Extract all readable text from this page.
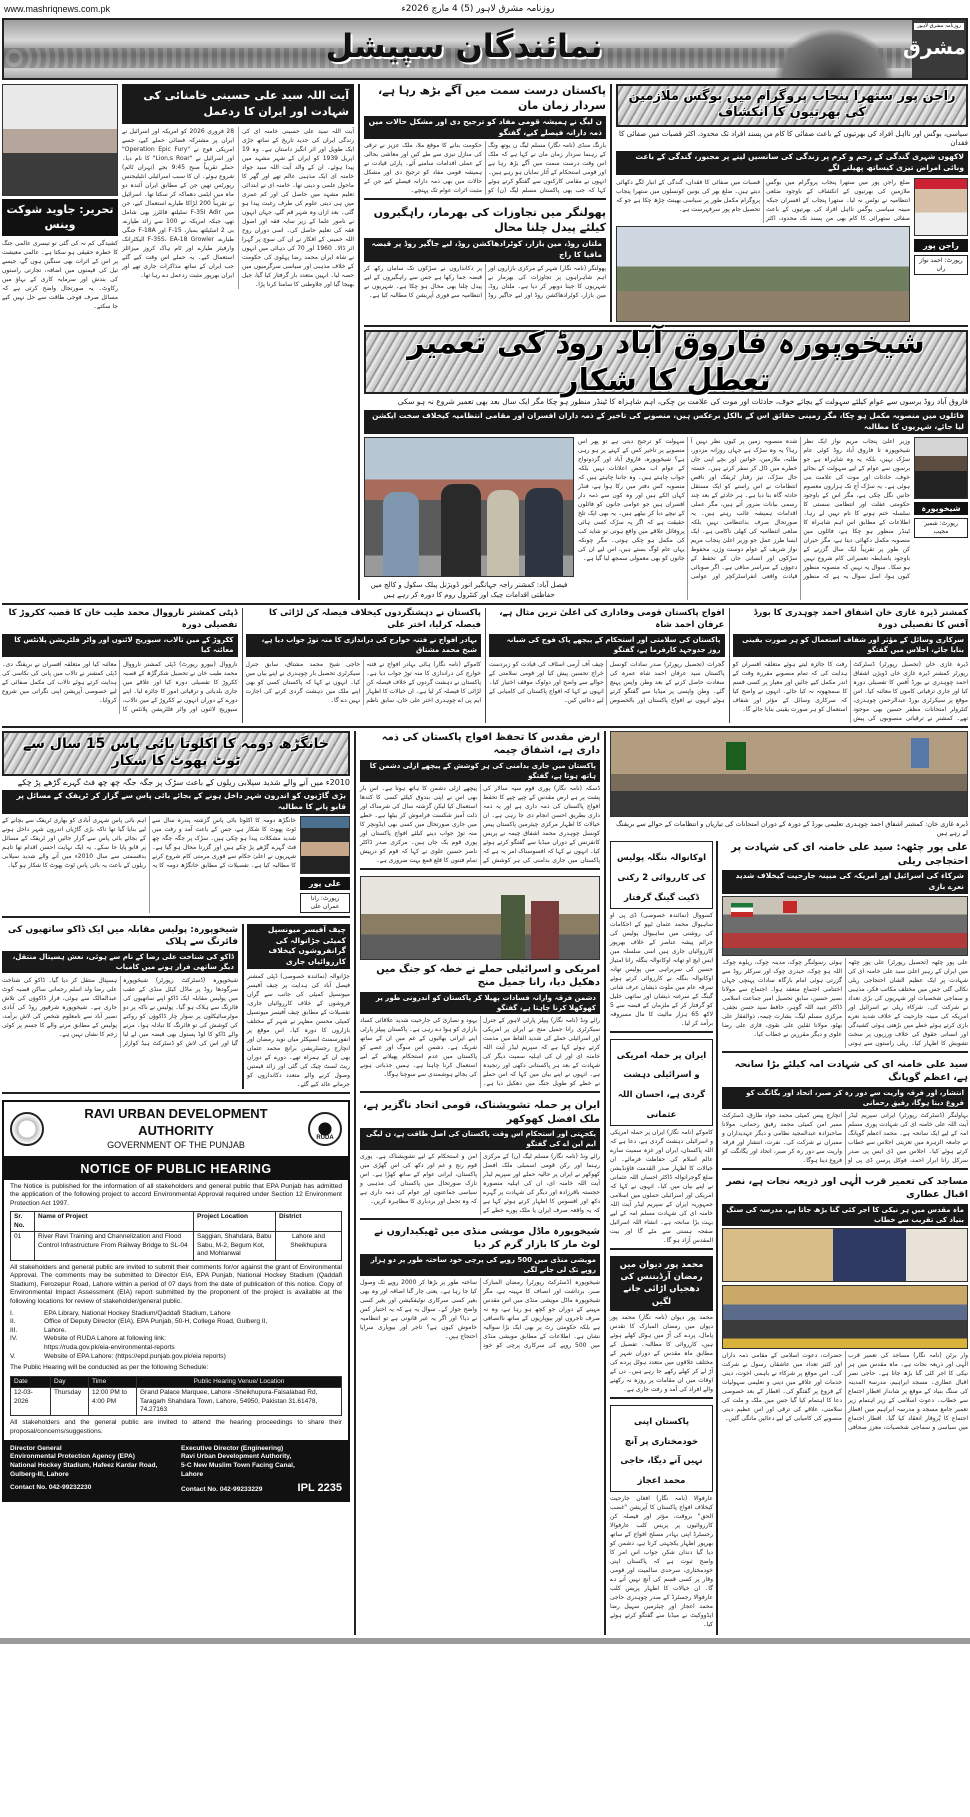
www.mashriqnews.com.pk	روزنامہ مشرق لاہور (5) 4 مارچ 2026ء
روزنامہ مشرق لاہور
مشرق
نمائندگان سپیشل
تحریر: جاوید شوکت وینس
کشیدگی کم نہ کی گئی تو تیسری عالمی جنگ کا خطرہ حقیقی ہو سکتا ہے۔ عالمی معیشت پر اس کے اثرات بھی سنگین ہوں گے، جیسے تیل کی قیمتوں میں اضافہ، تجارتی راستوں کی بندش اور سرمایہ کاری کے بہاؤ میں رکاوٹ۔ یہ صورتحال واضح کرتی ہے کہ مسائل صرف فوجی طاقت سے حل نہیں کیے جا سکتے۔
آیت اللہ سید علی حسینی خامنائی کی شہادت اور ایران کا ردعمل
28 فروری 2026 کو امریکہ اور اسرائیل نے ایران پر مشترکہ فضائی حملے کیے، جسے امریکی فوج نے "Operation Epic Fury" اور اسرائیل نے "Lion,s Roar" کا نام دیا۔ حملے تقریباً صبح 9:45 بجے (تہران ٹائم) شروع ہوئے۔ ان کا سبب اسرائیلی انٹیلیجنس رپورٹس تھیں جن کے مطابق ایران آئندہ دو ماہ میں ایٹمی دھماکہ کر سکتا تھا۔ اسرائیل نے تقریباً 200 لڑاکا طیارے استعمال کیے، جن میں F-35I Adir سٹیلتھ فائٹرز بھی شامل تھے، جبکہ امریکہ نے 100 سے زائد طیارے، بی 2 اسٹیلتھ بمبار، F-15 اور F-18A جنگی طیارے، F-35S، EA-18 Growler الیکٹرانک وارفیئر طیارے اور ٹام ہاک کروز میزائلز استعمال کیے۔ یہ حملے اس وقت کیے گئے جب ایران کے ساتھ مذاکرات جاری تھے اور ایران بھرپور مثبت ردعمل دے رہا تھا۔
آیت اللہ سید علی حسینی خامنہ ای کی زندگی ایران کی جدید تاریخ کے ساتھ جڑی ایک طویل اور اثر انگیز داستان ہے۔ وہ 19 اپریل 1939 کو ایران کے شہر مشہد میں پیدا ہوئے۔ ان کے والد آیت اللہ سید جواد خامنہ ای ایک مذہبی عالم تھے اور گھر کا ماحول علمی و دینی تھا۔ خامنہ ای نے ابتدائی تعلیم مشہد میں حاصل کی اور کم عمری میں ہی دینی علوم کی طرف رغبت پیدا ہو گئی۔ بعد ازاں وہ شہر قم گئے، جہاں انہوں نے نامور علما کے زیر سایہ فقہ اور اصول فقہ کی تعلیم حاصل کی۔ اسی دوران روح اللہ خمینی کے افکار نے ان کی سوچ پر گہرا اثر ڈالا۔ 1960 اور 70 کی دہائی میں انہوں نے شاہ ایران محمد رضا پہلوی کی حکومت کے خلاف مذہبی اور سیاسی سرگرمیوں میں حصہ لیا۔ انہیں متعدد بار گرفتار کیا گیا، جیل بھیجا گیا اور جلاوطنی کا سامنا کرنا پڑا۔
پاکستان درست سمت میں آگے بڑھ رہا ہے، سردار زمان مان
ن لیگ نے ہمیشہ قومی مفاد کو ترجیح دی اور مشکل حالات میں ذمہ دارانہ فیصلے کیے، گفتگو
بارنگ منڈی (نامہ نگار) مسلم لیگ ن یوتھ ونگ کے رہنما سردار زمان مان نے کہا ہے کہ ملک اس وقت درست سمت میں آگے بڑھ رہا ہے اور قومی استحکام کے آثار نمایاں ہو رہے ہیں۔ انہوں نے مقامی کارکنوں سے گفتگو کرتے ہوئے کہا کہ جب بھی پاکستان مسلم لیگ (ن) کو حکومت بنانے کا موقع ملا، ملک عزیز نے ترقی کی منازل تیزی سے طے کیں اور معاشی بحالی کے عملی اقدامات سامنے آئے۔ پارٹی قیادت نے ہمیشہ قومی مفاد کو ترجیح دی اور مشکل حالات میں بھی ذمہ دارانہ فیصلے کیے جن کے مثبت اثرات عوام تک پہنچے۔
پھولنگر میں تجاوزات کی بھرمار، راہگیروں کیلئے پیدل چلنا محال
ملتان روڈ، مین بازار، کوٹرادھاکشن روڈ، لبے جاگیر روڈ پر قبضہ مافیا کا راج
پھولنگر (نامہ نگار) شہر کے مرکزی بازاروں اور اہم شاہراہوں پر تجاوزات کی بھرمار نے شہریوں کا جینا دوبھر کر دیا ہے۔ ملتان روڈ، مین بازار، کوٹرادھاکشن روڈ اور لبے جاگیر روڈ پر دکانداروں نے سڑکوں تک سامان رکھ کر قبضہ جما رکھا ہے جس سے راہگیروں کے لیے پیدل چلنا بھی محال ہو چکا ہے۔ شہریوں نے انتظامیہ سے فوری آپریشن کا مطالبہ کیا ہے۔
راجن پور ستھرا پنجاب پروگرام میں بوگس ملازمین کی بھرتیوں کا انکشاف
سیاسی، بوگس اور نااہل افراد کی بھرتیوں کے باعث صفائی کا کام من پسند افراد تک محدود، اکثر قصبات میں صفائی کا فقدان
لاکھوں شہری گندگی کے رحم و کرم پر زندگی کی سانسیں لینے پر مجبور، گندگی کے باعث وبائی امراض تیزی کیساتھ پھیلنے لگے
ضلع راجن پور میں ستھرا پنجاب پروگرام میں بوگس ملازمین کی بھرتیوں کے انکشاف کے باوجود ضلعی انتظامیہ نے نوٹس نہ لیا۔ ستھرا پنجاب کے افسران جبکہ مبینہ سیاسی بوگس نااہل افراد کی بھرتیوں کے باعث صفائی ستھرائی کا کام بھی من پسند تک محدود، اکثر قصبات میں صفائی کا فقدان، گندگی کے انبار لگے دکھائی دیتے ہیں۔ ضلع بھر کی یونین کونسلوں میں ستھرا پنجاب پروگرام مکمل طور پر سیاسی بھینٹ چڑھ چکا ہے جو کہ تحصیل جام پور سرفہرست ہے۔
راجن پور
رپورٹ: احمد نواز راں
شیخوپورہ فاروق آباد روڈ کی تعمیر تعطل کا شکار
فاروق آباد روڈ برسوں سے عوام کیلئے سہولت کے بجائے خوف، حادثات اور موت کی علامت بن چکی، اہم شاہراہ کا ٹینڈر منظور ہو چکا مگر ایک سال بعد بھی تعمیر شروع نہ ہو سکی
فائلوں میں منصوبہ مکمل ہو چکا، مگر زمینی حقائق اس کے بالکل برعکس ہیں، منصوبے کی تاخیر کے ذمہ داران افسران اور مقامی انتظامیہ کیخلاف سخت ایکشن لیا جائے، شہریوں کا مطالبہ
فیصل آباد: کمشنر راجہ جہانگیر انور ڈویژنل پبلک سکول و کالج میں حفاظتی اقدامات چیک اور کنٹرول روم کا دورہ کر رہے ہیں
وزیر اعلیٰ پنجاب مریم نواز ایک نظر شیخوپورہ تا فاروق آباد روڈ کوئی عام سڑک نہیں، بلکہ یہ وہ شاہراہ ہے جو برسوں سے عوام کے لیے سہولت کے بجائے خوف، حادثات اور موت کی علامت بنی ہوئی ہے۔ یہ سڑک آج تک ہزاروں معصوم جانیں نگل چکی ہے، مگر اس کے باوجود حکومتی غفلت اور انتظامی سستی کا سلسلہ ختم ہونے کا نام نہیں لے رہا۔ اطلاعات کے مطابق اس اہم شاہراہ کا ٹینڈر منظور ہو چکا ہے، فائلوں میں منصوبہ مکمل دکھائی دیتا ہے، مگر حیران کن طور پر تقریباً ایک سال گزرنے کے باوجود باضابطہ تعمیراتی کام شروع نہیں ہو سکا۔ سوال یہ نہیں کہ منصوبہ منظور کیوں ہوا، اصل سوال یہ ہے کہ منظور شدہ منصوبہ زمین پر کیوں نظر نہیں آ رہا؟ یہ وہ سڑک ہے جہاں روزانہ مزدور، طلبہ، ملازمین، خواتین اور بچے اپنی جان خطرے میں ڈال کر سفر کرتے ہیں۔ خستہ حال سڑک، تیز رفتار ٹریفک اور ناقص انتظامات نے اس راستے کو ایک مستقل حادثہ گاہ بنا دیا ہے۔ ہر حادثے کے بعد چند رسمی بیانات ضرور آتے ہیں، مگر عملی اقدامات ہمیشہ غائب رہتے ہیں۔ یہ صورتحال صرف بدانتظامی نہیں بلکہ ضلعی انتظامیہ کی کھلی ناکامی ہے۔ ایک ایسا طرز عمل جو وزیر اعلیٰ پنجاب مریم نواز شریف کے عوام دوست وژن، محفوظ سڑکوں اور انسانی جان کے تحفظ کے دعوؤں کے سراسر منافی ہے۔ اگر صوبائی قیادت واقعی انفراسٹرکچر اور عوامی سہولت کو ترجیح دیتی ہے تو پھر اس منصوبے پر تاخیر کس کے کہنے پر ہو رہی ہے؟ شیخوپورہ، فاروق آباد اور گردونواح کے عوام اب محض اعلانات نہیں بلکہ جواب چاہتے ہیں۔ وہ جاننا چاہتے ہیں کہ منصوبہ کس دفتر میں رکا ہوا ہے، فنڈز کہاں اٹکے ہیں اور وہ کون سے ذمہ دار افسران ہیں جو عوامی جانوں کو فائلوں کے نیچے دبا کر بیٹھے ہیں۔ یہ بھی ایک تلخ حقیقت ہے کہ اگر یہ سڑک کسی ہائی پروفائل علاقے میں واقع ہوتی تو شاید کب کی مکمل ہو چکی ہوتی۔ مگر چونکہ یہاں عام لوگ بستے ہیں، اس لیے ان کی جانوں کو بھی معمولی سمجھ لیا گیا ہے۔
شیخوپورہ
رپورٹ: شمیر مجیب
کمشنر ڈیرہ غازی خان اشفاق احمد چوہدری کا بورڈ آفس کا تفصیلی دورہ
سرکاری وسائل کے مؤثر اور شفاف استعمال کو ہر صورت یقینی بنایا جائے، اجلاس میں گفتگو
ڈیرہ غازی خان (تحصیل رپورٹر) ڈسٹرکٹ رپورٹر کمشنر ڈیرہ غازی خان ڈویژن اشفاق احمد چوہدری نے بورڈ آفس کا تفصیلی دورہ کیا اور جاری ترقیاتی کاموں کا معائنہ کیا۔ اس موقع پر سیکرٹری بورڈ عبدالرحمن چوہدری، کنٹرولر امتحانات مظفر حسین بھی موجود تھے۔ کمشنر نے ترقیاتی منصوبوں کی پیش رفت کا جائزہ لیتے ہوئے متعلقہ افسران کو ہدایت کی کہ تمام منصوبے مقررہ وقت کے اندر مکمل کیے جائیں اور معیار پر کسی قسم کا سمجھوتہ نہ کیا جائے۔ انہوں نے واضح کیا کہ سرکاری وسائل کے مؤثر اور شفاف استعمال کو ہر صورت یقینی بنایا جائے گا۔
افواج پاکستان قومی وفاداری کی اعلیٰ ترین مثال ہے، عرفان احمد شاہ
پاکستان کی سلامتی اور استحکام کے پیچھے پاک فوج کی شبانہ روز جدوجہد کارفرما ہے، گفتگو
گجرات (تحصیل رپورٹر) صدر سادات کونسل پاکستان سید عرفان احمد شاہ عمرہ کی سعادت حاصل کرنے کے بعد وطن واپس پہنچ گئے۔ وطن واپسی پر میڈیا سے گفتگو کرتے ہوئے انہوں نے افواج پاکستان اور بالخصوص چیف آف آرمی اسٹاف کی قیادت کو زبردست خراج تحسین پیش کیا اور قومی سلامتی کے حوالے سے واضح اور دوٹوک موقف اختیار کیا۔ انہوں نے کہا کہ افواج پاکستان کی کامیابی کے لیے دعائیں کیں۔
پاکستان نے دہشتگردوں کیخلاف فیصلہ کن لڑائی کا فیصلہ کرلیا، اختر علی
بہادر افواج نے فتنہ خوارج کی دراندازی کا منہ توڑ جواب دیا ہے، شیخ محمد مشتاق
کاموکے (نامہ نگار) ہائی بہادر افواج نے فتنہ خوارج کی دراندازی کا منہ توڑ جواب دیا ہے۔ پاکستان نے دہشت گردوں کے خلاف فیصلہ کن لڑائی کا فیصلہ کر لیا ہے۔ ان خیالات کا اظہار ایم پی اے چوہدری اختر علی خان، سابق ناظم حاجی شیخ محمد مشتاق، سابق جنرل سیکرٹری تحصیل بار چوہدری نے اپنے بیان میں کیا۔ انہوں نے کہا کہ پاکستان کسی کو بھی اپنے ملک میں دہشت گردی کرنے کی اجازت نہیں دے گا۔
ڈپٹی کمشنر نارووال محمد طیب خان کا قصبہ ککروڑ کا تفصیلی دورہ
ککروڑ کے مین تالاب، سیوریج لائنوں اور واٹر فلٹریشن پلانٹس کا معائنہ کیا
نارووال (بیورو رپورٹ) ڈپٹی کمشنر نارووال محمد طیب خان نے تحصیل شکرگڑھ کے قصبہ ککروڑ کا تفصیلی دورہ کیا اور علاقے میں جاری بلدیاتی و ترقیاتی امور کا جائزہ لیا۔ اپنے دورے کے دوران انہوں نے ککروڑ کے مین تالاب، سیوریج لائنوں اور واٹر فلٹریشن پلانٹس کا معائنہ کیا اور متعلقہ افسران نے بریفنگ دی۔ ڈپٹی کمشنر نے تالاب میں پانی کی نکاسی کی ہدایت کرتے ہوئے تالاب کی مکمل صفائی کے لیے خصوصی آپریشن اپنی نگرانی میں شروع کروایا۔
خانگڑھ دومہ کا اکلوتا بائی پاس 15 سال سے ٹوٹ پھوٹ کا شکار
2010ء میں آنے والے شدید سیلابی ریلوں کے باعث سڑک پر جگہ جگہ چھ چھ فٹ گہرے گڑھے پڑ چکے
بڑی گاڑیوں کو اندرون شہر داخل ہونے کے بجائے بائی پاس سے گزار کر ٹریفک کے مسائل پر قابو پانے کا مطالبہ
خانگڑھ دومہ کا اکلوتا بائی پاس گزشتہ پندرہ سال سے ٹوٹ پھوٹ کا شکار ہے، جس کے باعث آمد و رفت میں شدید مشکلات پیدا ہو چکی ہیں۔ سڑک پر جگہ جگہ چھ فٹ گہرے گڑھے پڑ چکے ہیں اور گزرنا محال ہو گیا ہے۔ شہریوں نے اعلیٰ حکام سے فوری مرمتی کام شروع کرنے کا مطالبہ کیا ہے۔ تفصیلات کے مطابق خانگڑھ دومہ کا یہ اہم بائی پاس شہری آبادی کو بھاری ٹریفک سے بچانے کے لیے بنایا گیا تھا تاکہ بڑی گاڑیاں اندرون شہر داخل ہونے کے بجائے بائی پاس سے گزار جائیں اور ٹریفک کے مسائل پر قابو پایا جا سکے۔ یہ ایک نہایت احسن اقدام تھا تاہم بدقسمتی سے سال 2010ء میں آنے والے شدید سیلابی ریلوں کے باعث یہ بائی پاس ٹوٹ پھوٹ کا شکار ہو گیا۔
علی پور
رپورٹ: رانا عمران علی
شیخوپورہ: پولیس مقابلہ میں ایک ڈاکو ساتھیوں کی فائرنگ سے ہلاک
ڈاکو کی شناخت علی رضا کے نام سے ہوئی، نعش ہسپتال منتقل، دیگر ساتھی فرار ہونے میں کامیاب
شیخوپورہ (ڈسٹرکٹ رپورٹر) شیخوپورہ سرگودھا روڈ پر ماڈل کیٹل منڈی کے عقب میں پولیس مقابلہ ایک ڈاکو اپنے ساتھیوں کی فائرنگ سے ہلاک ہو گیا۔ پولیس نے ناکہ پر دو موٹرسائیکلوں پر سوار چار ڈاکوؤں کو روکنے کی کوشش کی تو فائرنگ کا تبادلہ ہوا۔ مرنے والے ڈاکو کا لوڈ پستول بھی قبضہ میں لے لیا گیا اور اس کی لاش کو ڈسٹرکٹ ہیڈ کوارٹر ہسپتال منتقل کر دیا گیا۔ ڈاکو کی شناخت علی رضا ولد اسلم رحمانی ساکن قصبہ کوٹ عبدالمالک سے ہوئی، فرار ڈاکوؤں کی تلاش جاری ہے۔ شیخوپورہ شرقپور روڈ کی آبادی نصیر آباد سے نامعلوم شخص کی لاش برآمد، پولیس کے مطابق مرنے والے کا جسم پر کوئی زخم کا نشان نہیں ہے۔
چیف آفیسر میونسپل کمیٹی جڑانوالہ کی گرانفروشوں کیخلاف کارروائیاں جاری
جڑانوالہ (نمائندہ خصوصی) ڈپٹی کمشنر فیصل آباد کی ہدایت پر چیف آفیسر میونسپل کمیٹی کی جانب سے گراں فروشوں کے خلاف کارروائیاں جاری، تفصیلات کے مطابق چیف آفیسر میونسپل کمیٹی محسن مظہر نے شہر کے مختلف بازاروں کا دورہ کیا۔ اس موقع پر انفورسمنٹ انسپکٹر میاں نوید رمضان اور انچارج رجسٹریشن برانچ محمد عثمان بھی ان کے ہمراہ تھے۔ دورے کے دوران ریٹ لسٹ چیک کی گئی اور زائد قیمتیں وصول کرنے والے متعدد دکانداروں کو جرمانے عائد کیے گئے۔
RAVI URBAN DEVELOPMENT AUTHORITY
GOVERNMENT OF THE PUNJAB
RUDA
NOTICE OF PUBLIC HEARING
The Notice is published for the information of all stakeholders and general public that EPA Punjab has admitted the application of the following project to accord Environmental Approval required under Section 12 Environment Protection Act 1997.
Sr. No.	Name of Project	Project Location	District
01	River Ravi Training and Channelization and Flood Control Infrastructure From Railway Bridge to SL-04	Saggian, Shahdara, Babu Sabu, M-2, Begum Kot, and Mohlanwal	Lahore and Sheikhupura
All stakeholders and general public are invited to submit their comments for/or against the grant of Environmental Approval. The comments may be submitted to Director EIA, EPA Punjab, National Hockey Stadium (Qaddafi Stadium), Ferozepur Road, Lahore within a period of 07 days from the date of publication of this notice. Copy of Environmental Impact Assessment (EIA) report submitted by the proponent of the project is available at the following locations for review of stakeholder/general public.
I.	EPA Library, National Hockey Stadium/Qaddafi Stadium, Lahore
II.	Office of Deputy Director (EIA), EPA Punjab, 50-H, College Road, Gulberg II,
III.	Lahore.
IV.	Website of RUDA Lahore at following link:
https://ruda.gov.pk/eia-environmental-reports
V.	Website of EPA Lahore: (https://epd.punjab.gov.pk/eia reports)
The Public Hearing will be conducted as per the following Schedule:
Date	Day	Time	Public Hearing Venue/ Location
12-03-2026	Thursday	12:00 PM to 4:00 PM	Grand Palace Marquee, Lahore -Sheikhupura-Faisalabad Rd, Taragarh Shahdara Town, Lahore, 54950, Pakistan 31.61478, 74.27163
All stakeholders and the general public are invited to attend the hearing proceedings to share their proposal/concerns/suggestions.
Director General
Environmental Protection Agency (EPA)
National Hockey Stadium, Hafeez Kardar Road,
Gulberg-III, Lahore
Contact No. 042-99232230
Executive Director (Engineering)
Ravi Urban Development Authority,
5-C New Muslim Town Facing Canal,
Lahore
Contact No. 042-99233229	IPL 2235
ارض مقدس کا تحفظ افواج پاکستان کی ذمہ داری ہے، اشفاق چیمہ
پاکستان میں جاری بدامنی کی ہر کوشش کے پیچھے ازلی دشمن کا ہاتھ ہوتا ہے، گفتگو
ڈسکہ (نامہ نگار) پوری قوم سپہ سالار کی پشت پر ہے ارض مقدس کے چپے چپے کا تحفظ افواج پاکستان کی ذمہ داری ہے اور یہ ذمہ داری بطریق احسن انجام دی جا رہی ہے۔ ان خیالات کا اظہار مرکزی چیئرمین پاکستان پیس کونسل چوہدری محمد اشفاق چیمہ نے پریس کانفرنس کے دوران میڈیا سے گفتگو کرتے ہوئے کیا۔ انہوں نے کہا کہ افسوسناک امر یہ ہے کہ پاکستان میں جاری بدامنی کی ہر کوشش کے پیچھے ازلی دشمن کا ہاتھ ہوتا ہے۔ اس بار بھی اس نے اپنی بندوق کیلئے کسی کا کندھا استعمال کیا لیکن گزشتہ سال کی شرمناک اور ذلت آمیز شکست فراموش کر بیٹھا ہے۔ خطے میں جاری صورتحال میں کسی بھی ایڈونچر کا منہ توڑ جواب دینے کیلئے افواج پاکستان اور پوری قوم یک جان ہیں۔ مرکزی صدر ڈاکٹر ناصر حسین علوی نے کہا کہ قوم کو درپیش تمام فتنوں کا قلع قمع بہت ضروری ہے۔
امریکی و اسرائیلی حملے نے خطہ کو جنگ میں دھکیل دیا، رانا جمیل منج
دشمن فرقہ وارانہ فسادات پھیلا کر پاکستان کو اندرونی طور پر کھوکھلا کرنا چاہتا ہے، گفتگو
رائے ونڈ (نامہ نگار) پیپلز پارٹی لاہور کے جنرل سیکرٹری رانا جمیل منج نے ایران پر امریکی اور اسرائیلی حملے کی شدید الفاظ میں مذمت کرتے ہوئے کہا ہے کہ سپریم لیڈر آیت اللہ خامنہ ای اور ان کی اہلیہ سمیت دیگر کی شہادت کے بعد ہر پاکستانی دکھی اور رنجیدہ ہے۔ انہوں نے اپنے بیان میں کہا کہ اس حملے نے خطے کو طویل جنگ میں دھکیل دیا ہے۔ یہود و نصاریٰ کی جارحیت شدید علاقائی کساد بازاری کو ہوا دے رہی ہے۔ پاکستان پیپلز پارٹی اپنے ایرانی بھائیوں کے غم میں ان کے ساتھ شریک ہے۔ دشمن اس سوگ اور غصے کو پاکستان میں عدم استحکام پھیلانے کے لیے استعمال کرنا چاہتا ہے۔ ہمیں جذباتی ہونے کی بجائے ہوشمندی سے سوچنا ہوگا۔
ایران پر حملہ تشویشناک، قومی اتحاد ناگزیر ہے، ملک افضل کھوکھر
یکجہتی اور استحکام اس وقت پاکستان کی اصل طاقت ہے، ن لیگی ایم این اے کی گفتگو
رائے ونڈ (نامہ نگار) مسلم لیگ (ن) کے مرکزی رہنما اور رکن قومی اسمبلی ملک افضل کھوکھر نے ایران پر حالیہ حملے اور سپریم لیڈر آیت اللہ خامنہ ای، ان کی اہلیہ منصورہ خجستہ باقرزادہ اور دیگر کی شہادت پر گہرے دکھ اور افسوس کا اظہار کرتے ہوئے کہا ہے کہ یہ واقعہ صرف ایران یا ملک پورے خطے کے امن و استحکام کے لیے تشویشناک ہے۔ پوری قوم رنج و غم اور دکھ کی اس گھڑی میں پاکستان، ایرانی عوام کے ساتھ کھڑا ہے۔ اس نازک صورتحال میں پاکستان کی مذہبی و سیاسی جماعتوں اور عوام کی ذمہ داری ہے کہ وہ تحمل اور بردباری کا مظاہرہ کریں۔
شیخوپورہ ماڈل مویشی منڈی میں ٹھیکیداروں نے لوٹ مار کا بازار گرم کر دیا
مویشی منڈی میں 500 روپے کی پرچی خود ساختہ طور پر دو ہزار روپے تک لی جانے لگی
شیخوپورہ (ڈسٹرکٹ رپورٹر) رمضان المبارک صبر، برداشت اور انصاف کا مہینہ ہے، مگر شیخوپورہ ماڈل مویشی منڈی میں اس مقدس مہینے کے دوران جو کچھ ہو رہا ہے، وہ نہ صرف تاجروں اور بیوپاریوں کے ساتھ ناانصافی ہے بلکہ حکومتی رٹ پر بھی ایک بڑا سوالیہ نشان ہے۔ اطلاعات کے مطابق مویشی منڈی میں 500 روپے کی سرکاری پرچی کو خود ساختہ طور پر بڑھا کر 2000 روپے تک وصول کیا جا رہا ہے۔ یعنی چار گنا اضافہ اور وہ بھی بغیر کسی سرکاری نوٹیفکیشن اور بغیر کسی واضح جواز کے۔ سوال یہ ہے کہ یہ اختیار کس نے دیا؟ اور اگر یہ غیر قانونی ہے تو انتظامیہ خاموش کیوں ہے؟ تاجر اور بیوپاری سراپا احتجاج ہیں۔
ڈیرہ غازی خان: کمشنر اشفاق احمد چوہدری تعلیمی بورڈ کے دورہ کے دوران امتحانات کی تیاریاں و انتظامات کے حوالے سے بریفنگ لے رہے ہیں
اوکانوالہ بنگلہ پولیس کی کارروائی 2 رکنی ڈکیت گینگ گرفتار
کسووال (نمائندہ خصوصی) ڈی پی او ساہیوال محمد عثمان ٹیپو کے احکامات کی روشنی میں ساہیوال پولیس کی جرائم پیشہ عناصر کے خلاف بھرپور کارروائیاں جاری ہیں اسی سلسلہ میں ایس ایچ او تھانہ اوکانوالہ بنگلہ رانا امتیاز حسین کی سربراہی میں پولیس تھانہ اوکانوالہ بنگلہ نے کارروائی کرتے ہوئے سرقہ عام میں ملوث ذیشان عرف شانی گینگ کے سرغنہ ذیشان اور ساتھی خلیل کو گرفتار کر کے ملزمان کے قبضہ سے 5 لاکھ 65 ہزار مالیت کا مال مسروقہ برآمد کر لیا۔
ایران پر حملہ امریکی و اسرائیلی دہشت گردی ہے، احسان اللہ عثمانی
کاموکے (نامہ نگار) ایران پر حملہ امریکی و اسرائیلی دہشت گردی ہے، دعا ہے کہ اللہ پاکستان، ایران اور غزہ سمیت سارے عالم اسلام کی حفاظت فرمائے۔ ان خیالات کا اظہار صدر القدمت فاؤنڈیشن ضلع گوجرانوالہ ڈاکٹر احسان اللہ عثمانی نے اپنے بیان میں کیا۔ انہوں نے کہا کہ امریکی اور اسرائیلی حملوں میں اسلامی جمہوریہ ایران کے سپریم لیڈر آیت اللہ خامنہ ای کی شہادت مسلم امہ کے لیے بہت بڑا سانحہ ہے۔ انشاء اللہ اسرائیل صفحہ ہستی سے مٹے گا اور بیت المقدس آزاد ہو گا۔
محمد پور دیوان میں رمضان آرڈیننس کی دھجیاں اڑائی جانے لگیں
محمد پور دیوان (نامہ نگار) محمد پور دیوان میں رمضان المبارک کا تقدس پامال، پردے کی آڑ میں ہوٹل کھلے ہوئے ہیں، کارروائی کا مطالبہ۔ تفصیل کے مطابق ماہ مقدس کے دوران شہر کے مختلف علاقوں میں متعدد ہوٹل پردے کی آڑ لے کر کھلے رکھے جا رہے ہیں۔ دن کے اوقات میں ان مقامات پر روزہ نہ رکھنے والے افراد کی آمد و رفت جاری ہے۔
پاکستان اپنی خودمختاری پر آنچ نہیں آنے دیگا، حاجی محمد اعجاز
عارفوالا (نامہ نگار) افغان جارحیت کیخلاف افواج پاکستان کا آپریشن "غضب الحق" بروقت، مؤثر اور فیصلہ کن کارروائیوں پر پریس کلب عارفوالا رجسٹرڈ اپنی بہادر مسلح افواج کے ساتھ بھرپور اظہار یکجہتی کرتا ہے، دشمن کو دیا گیا دندان شکن جواب اس امر کا واضح ثبوت ہے کہ پاکستان اپنی خودمختاری، سرحدی سالمیت اور قومی وقار پر کسی قسم کی آنچ نہیں آنے دے گا۔ ان خیالات کا اظہار پریس کلب عارفوالا رجسٹرڈ کے صدر چوہدری حاجی محمد اعجاز اور چیئرمین سہیل رضا ایڈووکیٹ نے میڈیا سے گفتگو کرتے ہوئے کیا۔
علی پور چٹھہ: سید علی خامنہ ای کی شہادت پر احتجاجی ریلی
شرکاء کی اسرائیل اور امریکہ کی مبینہ جارحیت کیخلاف شدید نعرے بازی
علی پور چٹھہ (تحصیل رپورٹر) علی پور چٹھہ میں ایران کے رہبر اعلیٰ سید علی خامنہ ای کی شہادت پر ایک عظیم الشان احتجاجی ریلی نکالی گئی جس میں مختلف مکاتب فکر، مذہبی و سماجی شخصیات اور شہریوں کی بڑی تعداد نے شرکت کی۔ شرکاء ریلی نے اسرائیل اور امریکہ کی مبینہ جارحیت کے خلاف شدید نعرے بازی کرتے ہوئے خطے میں بڑھتی ہوئی کشیدگی اور انسانی حقوق کی خلاف ورزیوں پر سخت تشویش کا اظہار کیا۔ ریلی راستوں سے ہوتی ہوئی رسولنگر چوک، مدینہ چوک، ریلوے چوک، اللہ ہو چوک، حیدری چوک اور سرکلر روڈ سے گزرتی ہوئی امام بارگاہ سادات پہنچی جہاں اختتامی اجتماع منعقد ہوا۔ اجتماع سے مولانا نصیر حسین، سابق تحصیل امیر جماعت اسلامی ڈاکٹر عبید اللہ گوہر، حافظ سید حسن نجفی، مرکزی مسلم لیگ، بشارت چیمہ، ذوالفقار علی بھٹو، مولانا ثقلین علی نقوی، قاری علی رضا علوی و دیگر مقررین نے خطاب کیا۔
سید علی خامنہ ای کی شہادت امہ کیلئے بڑا سانحہ ہے، اعظم گوپانگ
انتشار، اور فرقہ واریت سے دور رہ کر صبر، اتحاد اور یگانگت کو فروغ دینا ہوگا، رفیق رحمانی
بہاولنگر (ڈسٹرکٹ رپورٹر) ایرانی سپریم لیڈر آیت اللہ علی خامنہ ای کی شہادت پوری مسلم امہ کے لیے ایک سانحہ ہے۔ محمد اعظم گوپانگ نے جامعہ الزہرہ میں تعزیتی اجلاس سے خطاب کرتے ہوئے کیا۔ اجلاس میں ڈی ایس پی صدر سرکل رانا ابرار احمد، فوکل پرسن ڈی پی او انچارج پیس کمیٹی محمد جواد طارق، ڈسٹرکٹ ممبر امن کمیٹی محمد رفیق رحمانی، مولانا صاحبزادہ عبدالمجید نظامی و دیگر عہدیداران و ممبران نے شرکت کی۔ نفرت، انتشار اور فرقہ واریت سے دور رہ کر صبر، اتحاد اور یگانگت کو فروغ دینا ہوگا۔
مساجد کی تعمیر قرب الٰہی اور ذریعہ نجات ہے، نصر اقبال عطاری
ماہ مقدس میں ہر نیکی کا اجر کئی گنا بڑھ جاتا ہے، مدرسہ کی سنگ بنیاد کی تقریب سے خطاب
وار برٹن (نامہ نگار) مساجد کی تعمیر قرب الٰہی اور ذریعہ نجات ہے۔ ماہ مقدس میں ہر نیکی کا اجر کئی گنا بڑھ جاتا ہے۔ حاجی نصر اقبال عطاری۔ مسجد ابراہیم، مدرسۃ المدینہ کی سنگ بنیاد کے موقع پر شاندار افطار اجتماع سے خطاب۔ دعوت اسلامی کے زیر اہتمام زیر تعمیر جامع مسجد و مدرسہ ابراہیم میں افطار اجتماع کا پُروقار انعقاد کیا گیا۔ افطار اجتماع میں سیاسی و سماجی شخصیات، معزز صحافی حضرات، دعوت اسلامی کے مقامی ذمہ داران اور کثیر تعداد میں عاشقان رسول نے شرکت کی۔ اس موقع پر شرکاء نے باہمی اخوت، دینی خدمات اور علاقے میں دینی و تعلیمی سہولیات کے فروغ پر گفتگو کی۔ افطار کے بعد خصوصی دعا کا اہتمام کیا گیا جس میں ملک و ملت کی سلامتی، علاقے کی ترقی اور اس عظیم دینی منصوبے کی کامیابی کے لیے دعائیں مانگی گئیں۔
